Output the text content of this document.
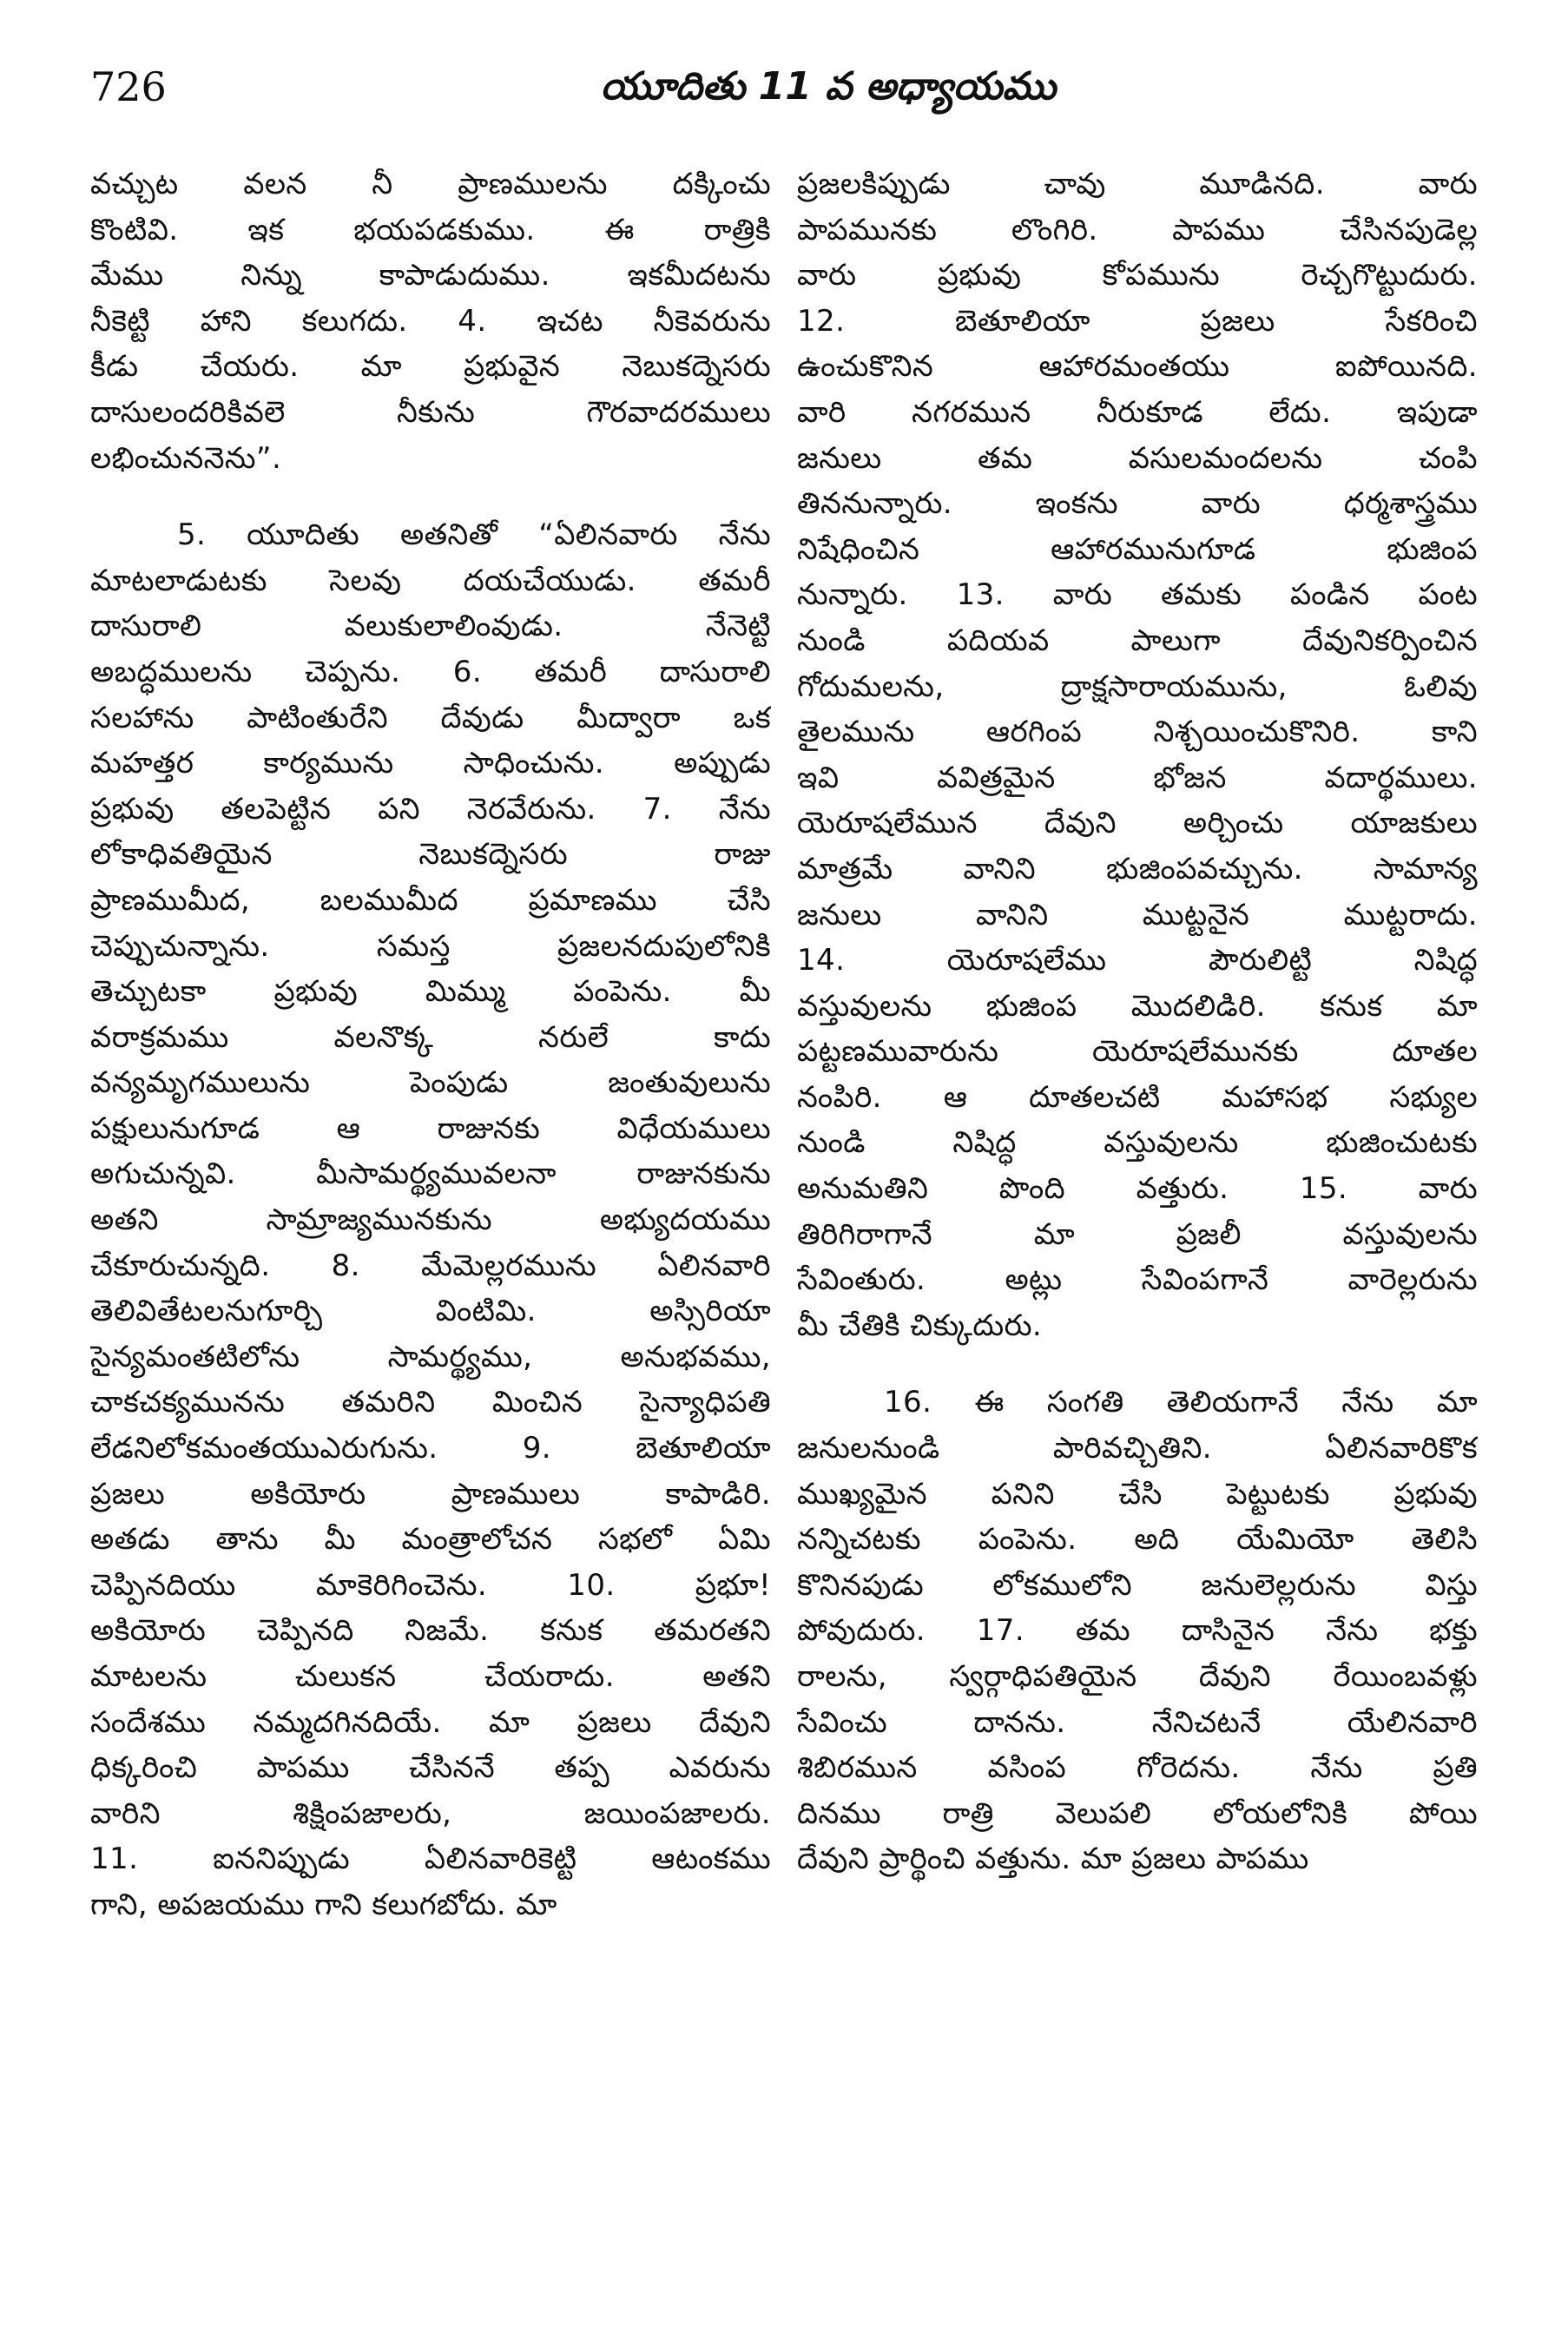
726	యూదితు 11 వ అధ్యాయము
వచ్చుట వలన నీ ప్రాణములను దక్కించు
కొంటివి. ఇక భయపడకుము. ఈ రాత్రికి
మేము నిన్ను కాపాడుదుము. ఇకమీదటను
నీకెట్టి హాని కలుగదు. 4. ఇచట నీకెవరును
కీడు చేయరు. మా ప్రభువైన నెబుకద్నెసరు
దాసులందరికివలె నీకును గౌరవాదరములు
లభించుననెను”.
5. యూదితు అతనితో “ఏలినవారు నేను
మాటలాడుటకు సెలవు దయచేయుడు. తమరీ
దాసురాలి వలుకులాలింవుడు. నేనెట్టి
అబద్ధములను చెప్పను. 6. తమరీ దాసురాలి
సలహాను పాటింతురేని దేవుడు మీద్వారా ఒక
మహత్తర కార్యమును సాధించును. అప్పుడు
ప్రభువు తలపెట్టిన పని నెరవేరును. 7. నేను
లోకాధివతియైన నెబుకద్నెసరు రాజు
ప్రాణముమీద, బలముమీద ప్రమాణము చేసి
చెప్పుచున్నాను. సమస్త ప్రజలనదుపులోనికి
తెచ్చుటకా ప్రభువు మిమ్ము పంపెను. మీ
వరాక్రమము వలనొక్క నరులే కాదు
వన్యమృగములును పెంపుడు జంతువులును
పక్షులునుగూడ ఆ రాజునకు విధేయములు
అగుచున్నవి. మీసామర్థ్యమువలనా రాజునకును
అతని సామ్రాజ్యమునకును అభ్యుదయము
చేకూరుచున్నది. 8. మేమెల్లరమును ఏలినవారి
తెలివితేటలనుగూర్చి వింటిమి. అస్సిరియా
సైన్యమంతటిలోను సామర్థ్యము, అనుభవము,
చాకచక్యమునను తమరిని మించిన సైన్యాధిపతి
లేడనిలోకమంతయుఎరుగును. 9. బెతూలియా
ప్రజలు అకియోరు ప్రాణములు కాపాడిరి.
అతడు తాను మీ మంత్రాలోచన సభలో ఏమి
చెప్పినదియు మాకెరిగించెను. 10. ప్రభూ!
అకియోరు చెప్పినది నిజమే. కనుక తమరతని
మాటలను చులుకన చేయరాదు. అతని
సందేశము నమ్మదగినదియే. మా ప్రజలు దేవుని
ధిక్కరించి పాపము చేసిననే తప్ప ఎవరును
వారిని శిక్షింపజాలరు, జయింపజాలరు.
11. ఐననిప్పుడు ఏలినవారికెట్టి ఆటంకము
గాని, అపజయము గాని కలుగబోదు. మా
ప్రజలకిప్పుడు చావు మూడినది. వారు
పాపమునకు లొంగిరి. పాపము చేసినపుడెల్ల
వారు ప్రభువు కోపమును రెచ్చగొట్టుదురు.
12. బెతూలియా ప్రజలు సేకరించి
ఉంచుకొనిన ఆహారమంతయు ఐపోయినది.
వారి నగరమున నీరుకూడ లేదు. ఇపుడా
జనులు తమ వసులమందలను చంపి
తిననున్నారు. ఇంకను వారు ధర్మశాస్త్రము
నిషేధించిన ఆహారమునుగూడ భుజింప
నున్నారు. 13. వారు తమకు పండిన పంట
నుండి పదియవ పాలుగా దేవునికర్పించిన
గోదుమలను, ద్రాక్షసారాయమును, ఓలివు
తైలమును ఆరగింప నిశ్చయించుకొనిరి. కాని
ఇవి వవిత్రమైన భోజన వదార్థములు.
యెరూషలేమున దేవుని అర్చించు యాజకులు
మాత్రమే వానిని భుజింపవచ్చును. సామాన్య
జనులు వానిని ముట్టనైన ముట్టరాదు.
14. యెరూషలేము పౌరులిట్టి నిషిద్ధ
వస్తువులను భుజింప మొదలిడిరి. కనుక మా
పట్టణమువారును యెరూషలేమునకు దూతల
నంపిరి. ఆ దూతలచటి మహాసభ సభ్యుల
నుండి నిషిద్ధ వస్తువులను భుజించుటకు
అనుమతిని పొంది వత్తురు. 15. వారు
తిరిగిరాగానే మా ప్రజలీ వస్తువులను
సేవింతురు. అట్లు సేవింపగానే వారెల్లరును
మీ చేతికి చిక్కుదురు.
16. ఈ సంగతి తెలియగానే నేను మా
జనులనుండి పారివచ్చితిని. ఏలినవారికొక
ముఖ్యమైన పనిని చేసి పెట్టుటకు ప్రభువు
నన్నిచటకు పంపెను. అది యేమియో తెలిసి
కొనినపుడు లోకములోని జనులెల్లరును విస్తు
పోవుదురు. 17. తమ దాసినైన నేను భక్తు
రాలను, స్వర్గాధిపతియైన దేవుని రేయింబవళ్లు
సేవించు దానను. నేనిచటనే యేలినవారి
శిబిరమున వసింప గోరెదను. నేను ప్రతి
దినము రాత్రి వెలుపలి లోయలోనికి పోయి
దేవుని ప్రార్థించి వత్తును. మా ప్రజలు పాపము
